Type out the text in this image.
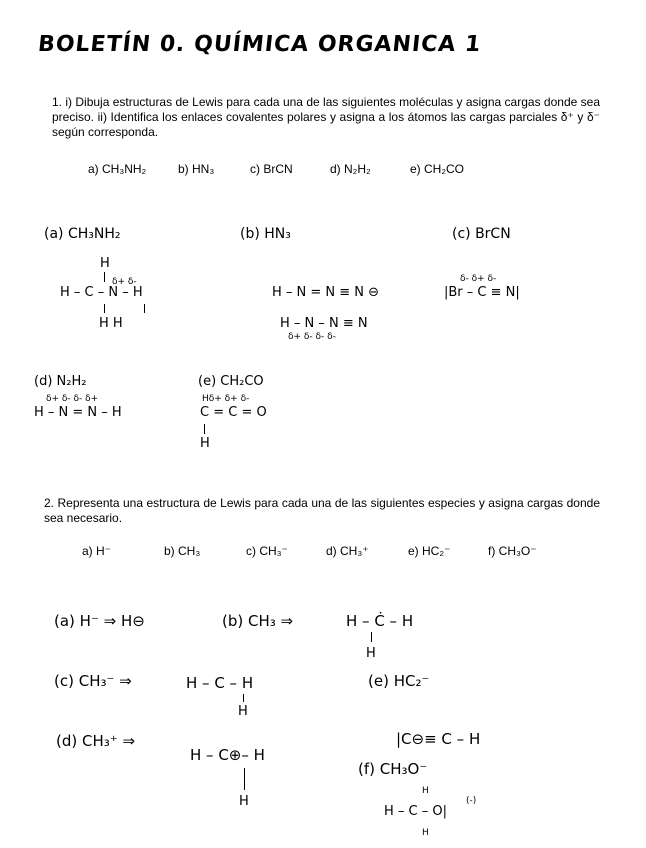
BOLETÍN 0. QUÍMICA ORGANICA 1
1. i) Dibuja estructuras de Lewis para cada una de las siguientes moléculas y asigna cargas donde sea preciso. ii) Identifica los enlaces covalentes polares y asigna a los átomos las cargas parciales δ⁺ y δ⁻ según corresponda.
a) CH₃NH₂	b) HN₃	c) BrCN	d) N₂H₂	e) CH₂CO
(a) CH₃NH₂	(b) HN₃	(c) BrCN
H
δ+ δ-
H – C – N – H
H H
H – N = N ≡ N ⊖
H – N – N ≡ N
δ+ δ- δ- δ-
δ- δ+ δ-
|Br – C ≡ N|
(d) N₂H₂
δ+ δ- δ- δ+
H – N = N – H
(e) CH₂CO
Hδ+ δ+ δ-
C = C = O
H
2. Representa una estructura de Lewis para cada una de las siguientes especies y asigna cargas donde sea necesario.
a) H⁻	b) CH₃	c) CH₃⁻	d) CH₃⁺	e) HC₂⁻	f) CH₃O⁻
(a) H⁻ ⇒ H⊖	(b) CH₃ ⇒	H – Ċ – H
H
(c) CH₃⁻ ⇒	H – C – H
H
(e) HC₂⁻
(d) CH₃⁺ ⇒
H – C⊕– H
H
|C⊖≡ C – H
(f) CH₃O⁻
H
H – C – O|
(-)
H
